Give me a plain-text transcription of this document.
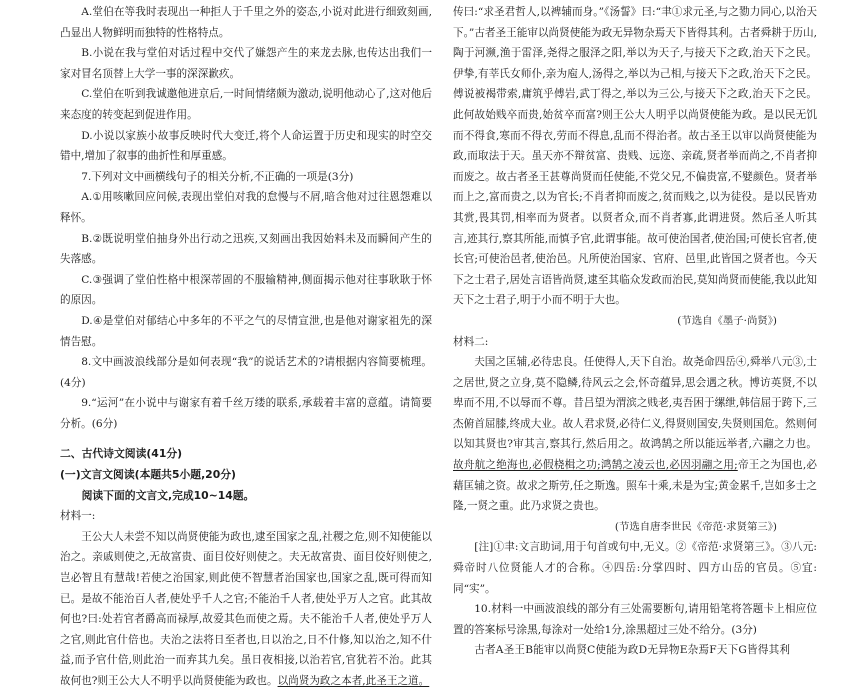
A.堂伯在等我时表现出一种拒人于千里之外的姿态,小说对此进行细致刻画,凸显出人物鲜明而独特的性格特点。

B.小说在我与堂伯对话过程中交代了嫌怨产生的来龙去脉,也传达出我们一家对冒名顶替上大学一事的深深歉疚。

C.堂伯在听到我诚邀他进京后,一时间情绪颇为激动,说明他动心了,这对他后来态度的转变起到促进作用。

D.小说以家族小故事反映时代大变迁,将个人命运置于历史和现实的时空交错中,增加了叙事的曲折性和厚重感。

7.下列对文中画横线句子的相关分析,不正确的一项是(3分)

A.①用咳嗽回应问候,表现出堂伯对我的怠慢与不屑,暗含他对过往恩怨难以释怀。

B.②既说明堂伯抽身外出行动之迅疾,又刻画出我因始料未及而瞬间产生的失落感。

C.③强调了堂伯性格中根深蒂固的不服输精神,侧面揭示他对往事耿耿于怀的原因。

D.④是堂伯对郁结心中多年的不平之气的尽情宣泄,也是他对谢家祖先的深情告慰。

8.文中画波浪线部分是如何表现“我”的说话艺术的?请根据内容简要梳理。(4分)

9.“运河”在小说中与谢家有着千丝万缕的联系,承载着丰富的意蕴。请简要分析。(6分)

二、古代诗文阅读(41分)

(一)文言文阅读(本题共5小题,20分)

阅读下面的文言文,完成10~14题。

材料一:

王公大人未尝不知以尚贤使能为政也,逮至国家之乱,社稷之危,则不知使能以治之。亲戚则使之,无故富贵、面目佼好则使之。夫无故富贵、面目佼好则使之,岂必智且有慧哉!若使之治国家,则此使不智慧者治国家也,国家之乱,既可得而知已。是故不能治百人者,使处乎千人之官;不能治千人者,使处乎万人之官。此其故何也?曰:处若官者爵高而禄厚,故爱其色而使之焉。夫不能治千人者,使处乎万人之官,则此官什倍也。夫治之法将日至者也,日以治之,日不什修,知以治之,知不什益,而予官什倍,则此治一而弃其九矣。虽日夜相接,以治若官,官犹若不治。此其故何也?则王公大人不明乎以尚贤使能为政也。以尚贤为政之本者,此圣王之道。

传曰:“求圣君哲人,以裨辅而身。”《汤誓》曰:“聿①求元圣,与之勠力同心,以治天下。”古者圣王能审以尚贤使能为政无异物杂焉天下皆得其利。古者舜耕于历山,陶于河濒,渔于雷泽,尧得之服泽之阳,举以为天子,与接天下之政,治天下之民。伊挚,有莘氏女师仆,亲为庖人,汤得之,举以为己相,与接天下之政,治天下之民。傅说被褐带索,庸筑乎傅岩,武丁得之,举以为三公,与接天下之政,治天下之民。此何故始贱卒而贵,始贫卒而富?则王公大人明乎以尚贤使能为政。是以民无饥而不得食,寒而不得衣,劳而不得息,乱而不得治者。故古圣王以审以尚贤使能为政,而取法于天。虽天亦不辩贫富、贵贱、远迩、亲疏,贤者举而尚之,不肖者抑而废之。故古者圣王甚尊尚贤而任使能,不党父兄,不偏贵富,不嬖颜色。贤者举而上之,富而贵之,以为官长;不肖者抑而废之,贫而贱之,以为徒役。是以民皆劝其赏,畏其罚,相率而为贤者。以贤者众,而不肖者寡,此谓进贤。然后圣人听其言,迹其行,察其所能,而慎予官,此谓事能。故可使治国者,使治国;可使长官者,使长官;可使治邑者,使治邑。凡所使治国家、官府、邑里,此皆国之贤者也。今天下之士君子,居处言语皆尚贤,逮至其临众发政而治民,莫知尚贤而使能,我以此知天下之士君子,明于小而不明于大也。

(节选自《墨子·尚贤》)

材料二:

夫国之匡辅,必待忠良。任使得人,天下自治。故尧命四岳④,舜举八元③,士之居世,贤之立身,莫不隐鳞,待风云之会,怀奇蕴异,思会遇之秋。博访英贤,不以卑而不用,不以辱而不尊。昔吕望为渭滨之贱老,夷吾困于缧绁,韩信屈于跨下,三杰俯首屈膝,终成大业。故人君求贤,必待仁义,得贤则国安,失贤则国危。然则何以知其贤也?审其言,察其行,然后用之。故鸿鹄之所以能远举者,六翮之力也。故舟航之绝海也,必假桡楫之功;鸿鹄之凌云也,必因羽翮之用;帝王之为国也,必藉匡辅之资。故求之斯劳,任之斯逸。照车十乘,未是为宝;黄金累千,岂如多士之隆,一贤之重。此乃求贤之贵也。

(节选自唐李世民《帝范·求贤第三》)

[注]①聿:文言助词,用于句首或句中,无义。②《帝范·求贤第三》。③八元:舜帝时八位贤能人才的合称。④四岳:分掌四时、四方山岳的官员。⑤宜:同“实”。

10.材料一中画波浪线的部分有三处需要断句,请用铅笔将答题卡上相应位置的答案标号涂黑,每涂对一处给1分,涂黑超过三处不给分。(3分)

古者A圣王B能审以尚贤C使能为政D无异物E杂焉F天下G皆得其利
